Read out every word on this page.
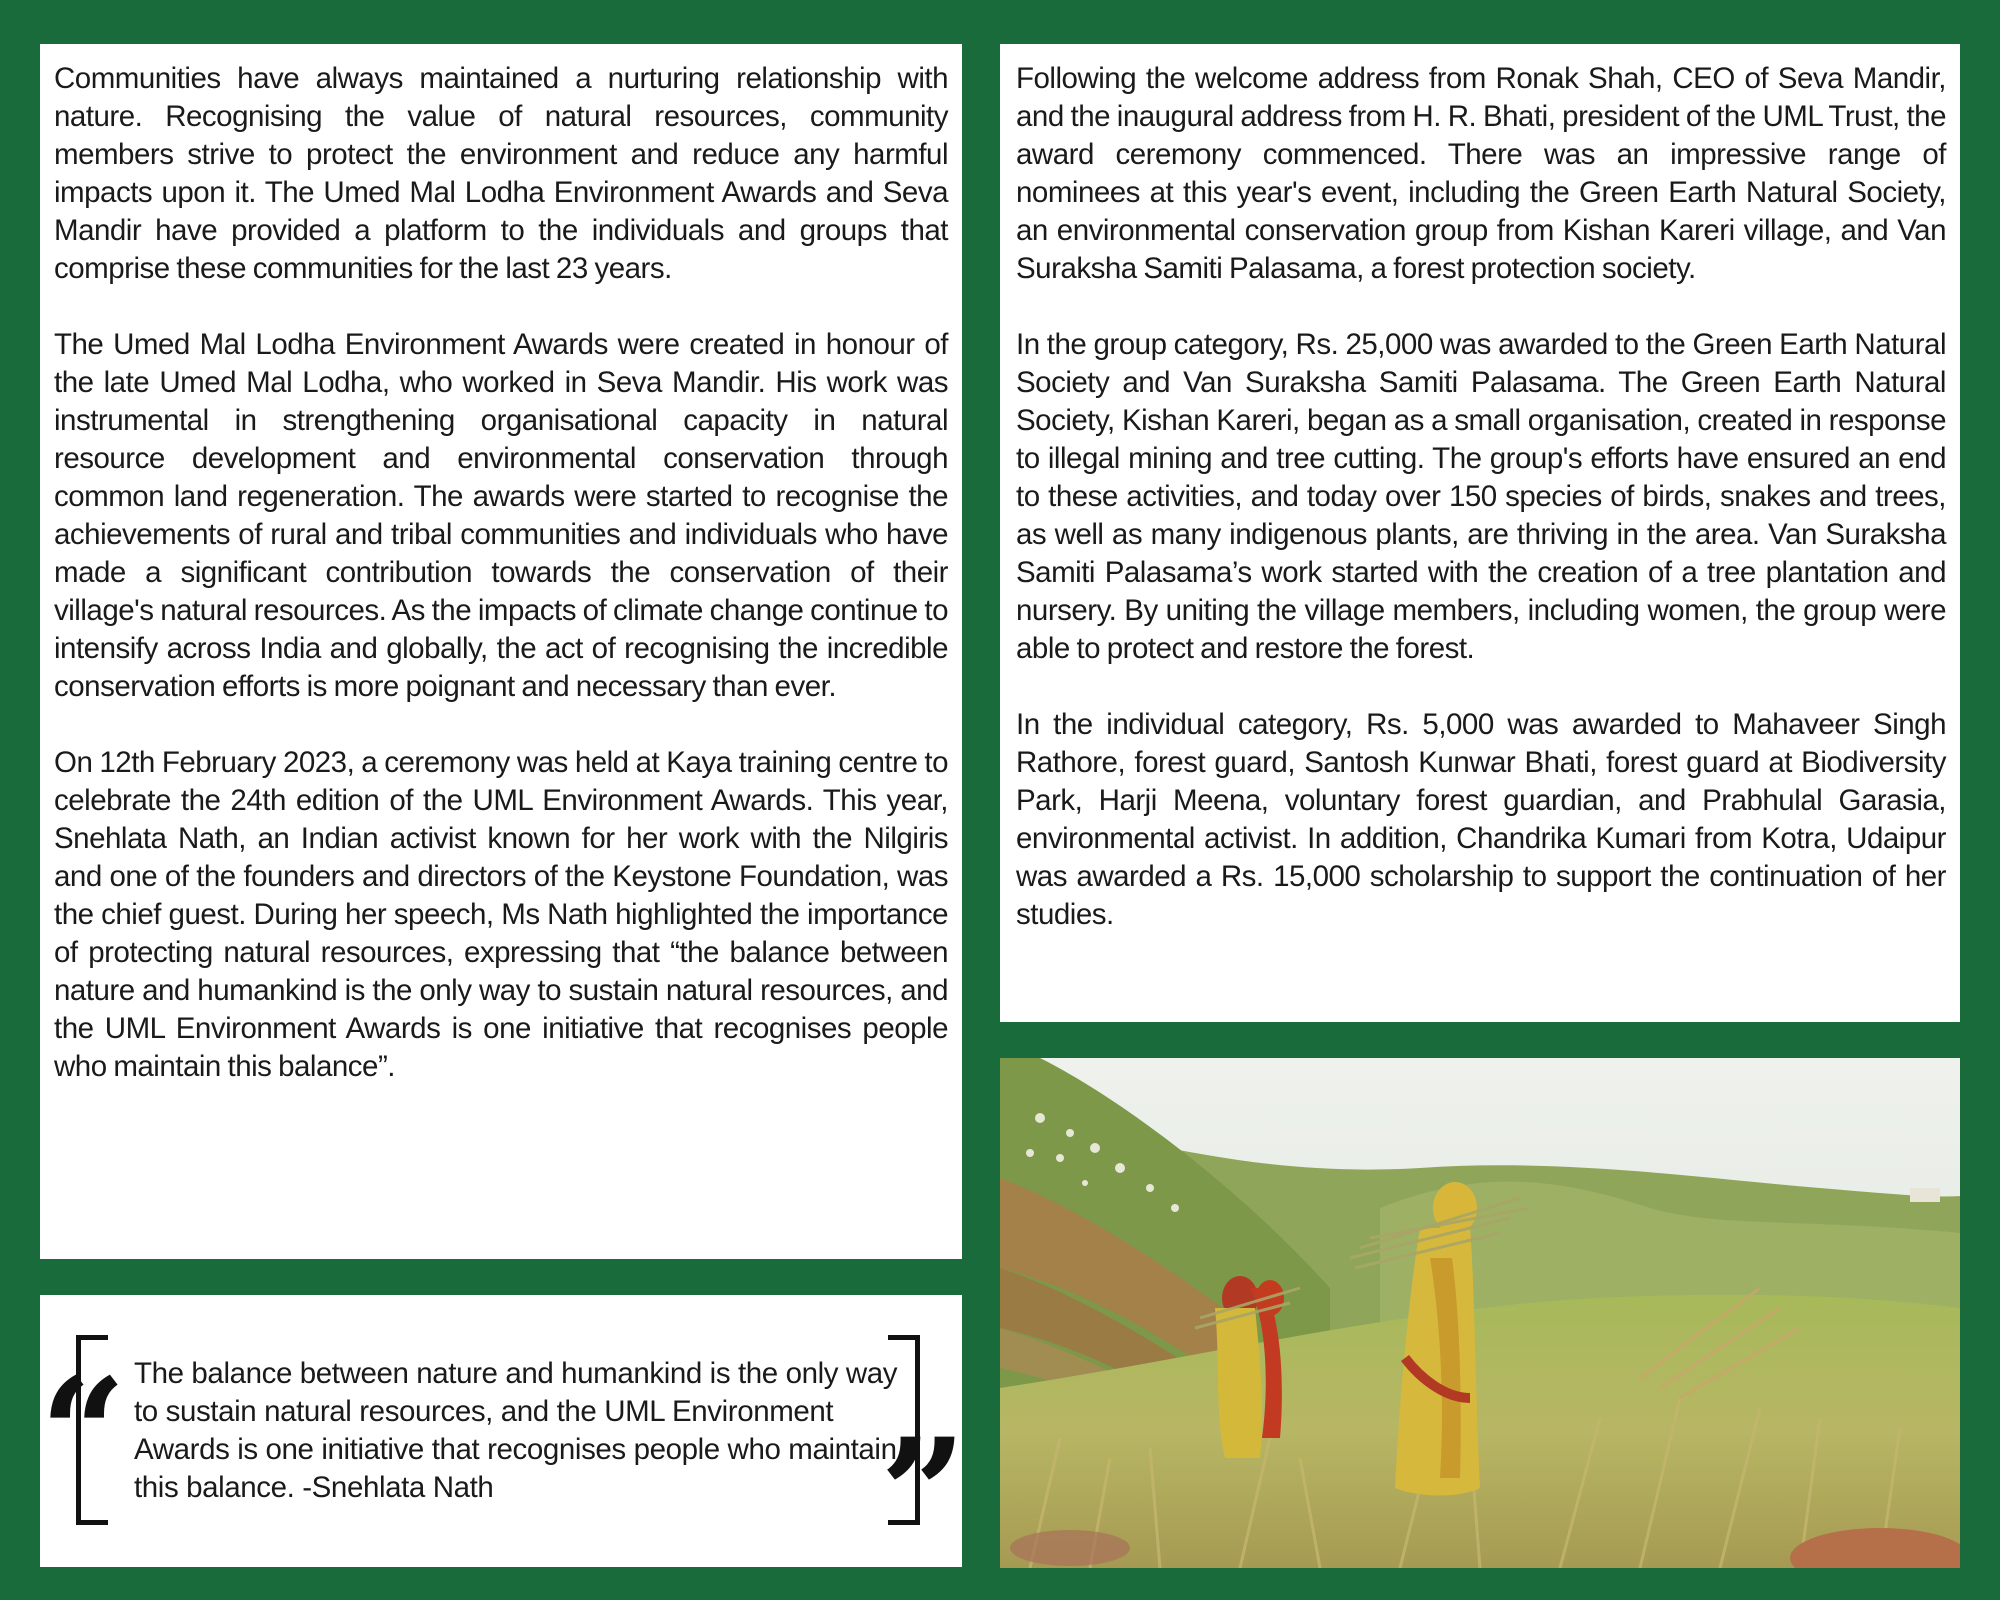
Communities have always maintained a nurturing relationship with nature. Recognising the value of natural resources, community members strive to protect the environment and reduce any harmful impacts upon it. The Umed Mal Lodha Environment Awards and Seva Mandir have provided a platform to the individuals and groups that comprise these communities for the last 23 years.

The Umed Mal Lodha Environment Awards were created in honour of the late Umed Mal Lodha, who worked in Seva Mandir. His work was instrumental in strengthening organisational capacity in natural resource development and environmental conservation through common land regeneration. The awards were started to recognise the achievements of rural and tribal communities and individuals who have made a significant contribution towards the conservation of their village's natural resources. As the impacts of climate change continue to intensify across India and globally, the act of recognising the incredible conservation efforts is more poignant and necessary than ever.

On 12th February 2023, a ceremony was held at Kaya training centre to celebrate the 24th edition of the UML Environment Awards. This year, Snehlata Nath, an Indian activist known for her work with the Nilgiris and one of the founders and directors of the Keystone Foundation, was the chief guest. During her speech, Ms Nath highlighted the importance of protecting natural resources, expressing that “the balance between nature and humankind is the only way to sustain natural resources, and the UML Environment Awards is one initiative that recognises people who maintain this balance”.

Following the welcome address from Ronak Shah, CEO of Seva Mandir, and the inaugural address from H. R. Bhati, president of the UML Trust, the award ceremony commenced. There was an impressive range of nominees at this year's event, including the Green Earth Natural Society, an environmental conservation group from Kishan Kareri village, and Van Suraksha Samiti Palasama, a forest protection society.

In the group category, Rs. 25,000 was awarded to the Green Earth Natural Society and Van Suraksha Samiti Palasama. The Green Earth Natural Society, Kishan Kareri, began as a small organisation, created in response to illegal mining and tree cutting. The group's efforts have ensured an end to these activities, and today over 150 species of birds, snakes and trees, as well as many indigenous plants, are thriving in the area. Van Suraksha Samiti Palasama’s work started with the creation of a tree plantation and nursery. By uniting the village members, including women, the group were able to protect and restore the forest.

In the individual category, Rs. 5,000 was awarded to Mahaveer Singh Rathore, forest guard, Santosh Kunwar Bhati, forest guard at Biodiversity Park, Harji Meena, voluntary forest guardian, and Prabhulal Garasia, environmental activist. In addition, Chandrika Kumari from Kotra, Udaipur was awarded a Rs. 15,000 scholarship to support the continuation of her studies.

“ The balance between nature and humankind is the only way to sustain natural resources, and the UML Environment Awards is one initiative that recognises people who maintain this balance. -Snehlata Nath	”
